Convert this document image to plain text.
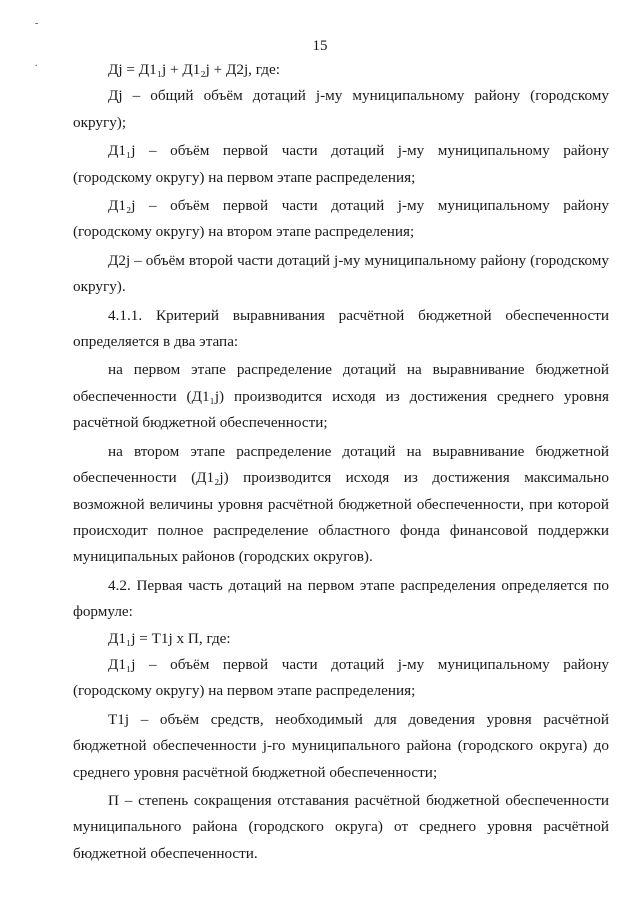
-
.
15

Дj = Д1₁j + Д1₂j + Д2j, где:

Дj – общий объём дотаций j-му муниципальному району (городскому округу);

Д1₁j – объём первой части дотаций j-му муниципальному району (городскому округу) на первом этапе распределения;

Д1₂j – объём первой части дотаций j-му муниципальному району (городскому округу) на втором этапе распределения;

Д2j – объём второй части дотаций j-му муниципальному району (городскому округу).

4.1.1. Критерий выравнивания расчётной бюджетной обеспеченности определяется в два этапа:

на первом этапе распределение дотаций на выравнивание бюджетной обеспеченности (Д1₁j) производится исходя из достижения среднего уровня расчётной бюджетной обеспеченности;

на втором этапе распределение дотаций на выравнивание бюджетной обеспеченности (Д1₂j) производится исходя из достижения максимально возможной величины уровня расчётной бюджетной обеспеченности, при которой происходит полное распределение областного фонда финансовой поддержки муниципальных районов (городских округов).

4.2. Первая часть дотаций на первом этапе распределения определяется по формуле:

Д1₁j = Т1j х П, где:

Д1₁j – объём первой части дотаций j-му муниципальному району (городскому округу) на первом этапе распределения;

Т1j – объём средств, необходимый для доведения уровня расчётной бюджетной обеспеченности j-го муниципального района (городского округа) до среднего уровня расчётной бюджетной обеспеченности;

П – степень сокращения отставания расчётной бюджетной обеспеченности муниципального района (городского округа) от среднего уровня расчётной бюджетной обеспеченности.
